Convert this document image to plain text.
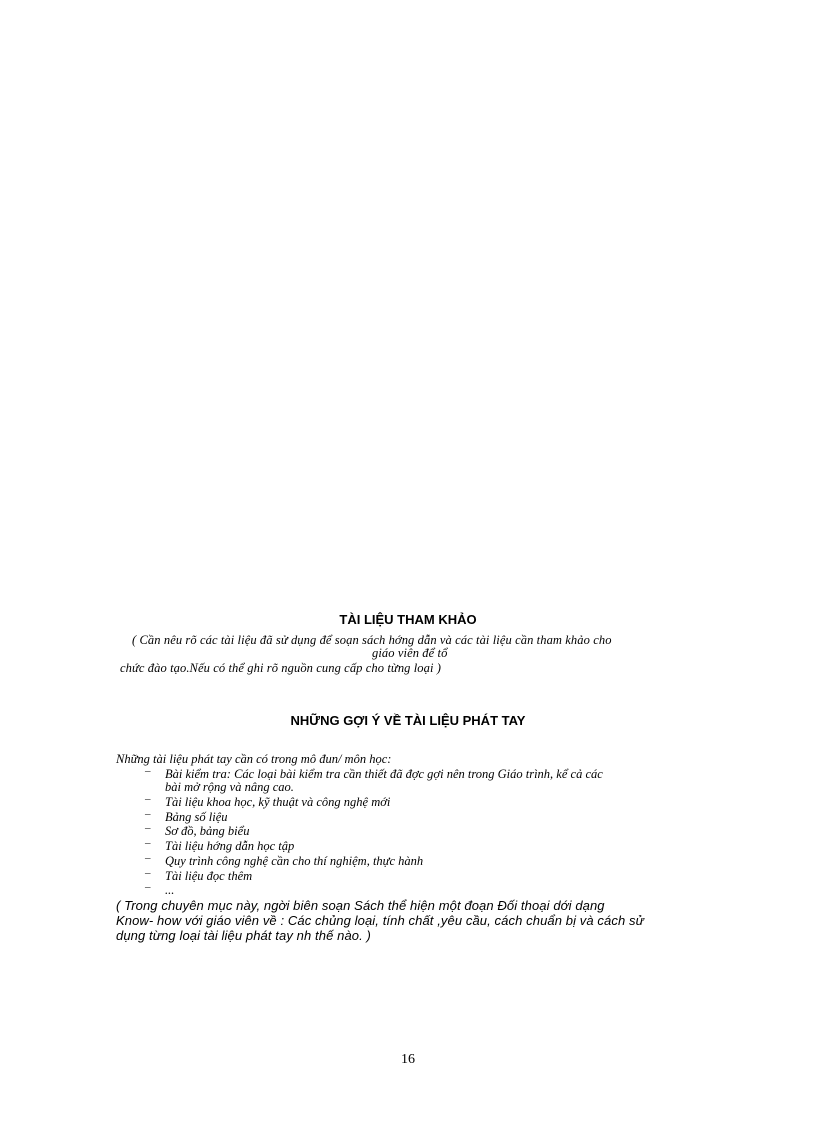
TÀI LIỆU THAM KHẢO
( Cần nêu rõ các tài liệu đã sử dụng để soạn sách hớng dẫn và các tài liệu cần tham khảo cho
giáo viên để tổ
chức đào tạo.Nếu có thể ghi rõ nguồn cung cấp cho từng loại )
NHỮNG GỢI Ý VỀ TÀI LIỆU PHÁT TAY
Những tài liệu phát tay cần có trong mô đun/ môn học:
– Bài kiểm tra: Các loại bài kiểm tra cần thiết đã đợc gợi nên trong Giáo trình, kể cả các
bài mở rộng và nâng cao.
– Tài liệu khoa học, kỹ thuật và công nghệ mới
– Bảng số liệu
– Sơ đồ, bảng biểu
– Tài liệu hớng dẫn học tập
– Quy trình công nghệ cần cho thí nghiệm, thực hành
– Tài liệu đọc thêm
– ...
( Trong chuyên mục này, ngời biên soạn Sách thể hiện một đoạn Đối thoại dới dạng
Know- how với giáo viên về : Các chủng loại, tính chất ,yêu cầu, cách chuẩn bị và cách sử
dụng từng loại tài liệu phát tay nh thế nào. )
16
